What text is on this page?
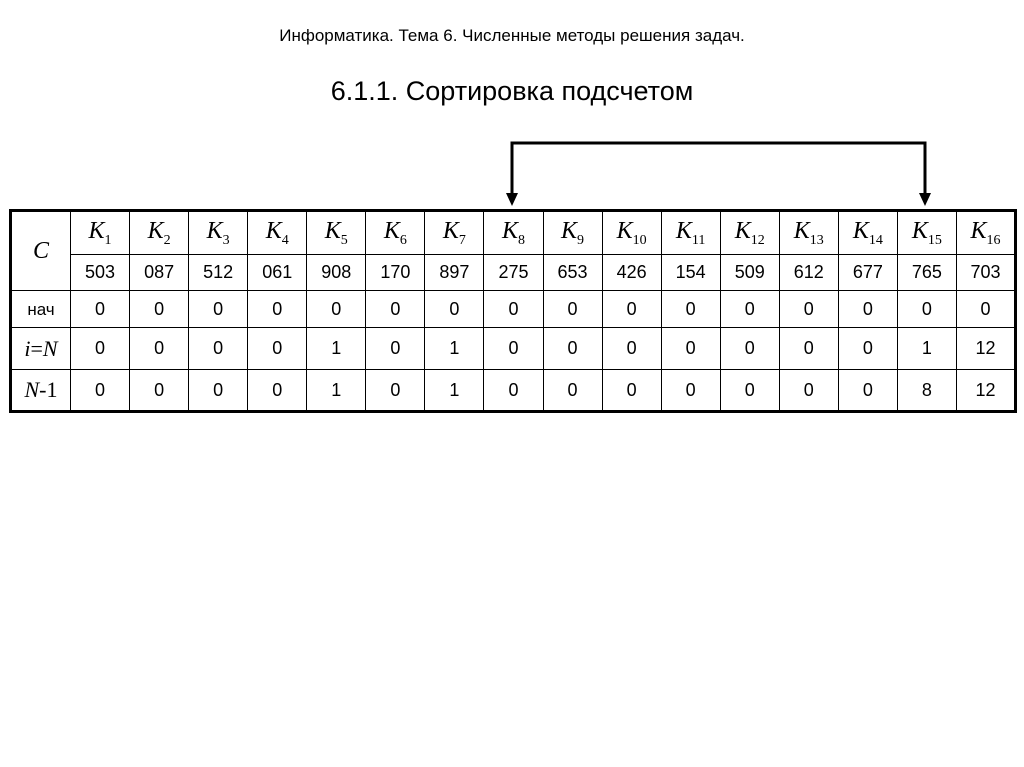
Информатика. Тема 6. Численные методы решения задач.
6.1.1. Сортировка подсчетом
C	$K_1$	$K_2$	$K_3$	$K_4$	$K_5$	$K_6$	$K_7$	$K_8$	$K_9$	$K_{10}$	$K_{11}$	$K_{12}$	$K_{13}$	$K_{14}$	$K_{15}$	$K_{16}$
	503	087	512	061	908	170	897	275	653	426	154	509	612	677	765	703
нач	0	0	0	0	0	0	0	0	0	0	0	0	0	0	0	0
i=N	0	0	0	0	1	0	1	0	0	0	0	0	0	0	1	12
N-1	0	0	0	0	1	0	1	0	0	0	0	0	0	0	8	12
